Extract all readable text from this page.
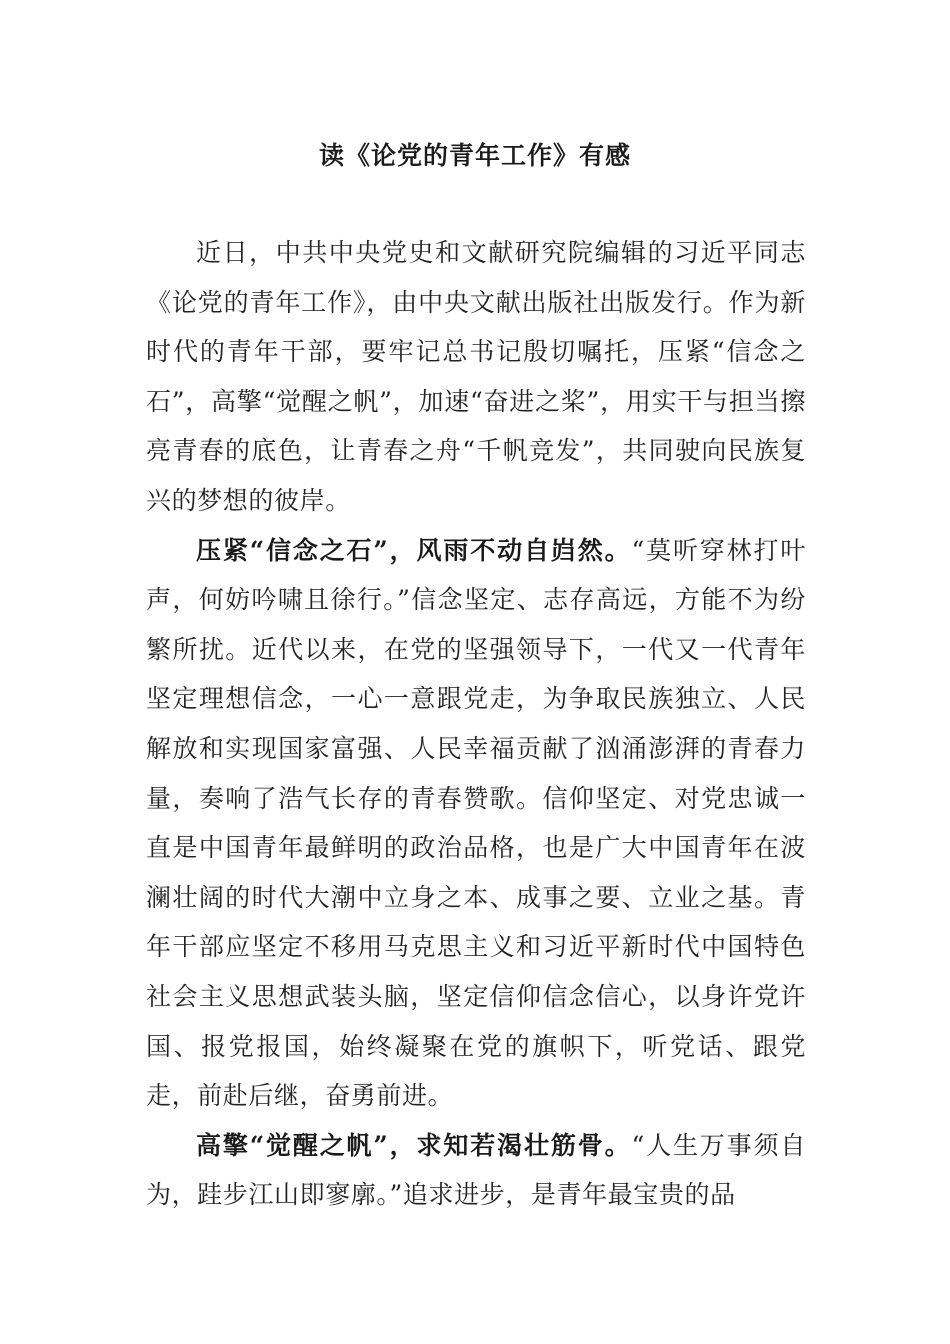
读《论党的青年工作》有感

近日，中共中央党史和文献研究院编辑的习近平同志《论党的青年工作》，由中央文献出版社出版发行。作为新时代的青年干部，要牢记总书记殷切嘱托，压紧“信念之石”，高擎“觉醒之帆”，加速“奋进之桨”，用实干与担当擦亮青春的底色，让青春之舟“千帆竞发”，共同驶向民族复兴的梦想的彼岸。

压紧“信念之石”，风雨不动自岿然。“莫听穿林打叶声，何妨吟啸且徐行。”信念坚定、志存高远，方能不为纷繁所扰。近代以来，在党的坚强领导下，一代又一代青年坚定理想信念，一心一意跟党走，为争取民族独立、人民解放和实现国家富强、人民幸福贡献了汹涌澎湃的青春力量，奏响了浩气长存的青春赞歌。信仰坚定、对党忠诚一直是中国青年最鲜明的政治品格，也是广大中国青年在波澜壮阔的时代大潮中立身之本、成事之要、立业之基。青年干部应坚定不移用马克思主义和习近平新时代中国特色社会主义思想武装头脑，坚定信仰信念信心，以身许党许国、报党报国，始终凝聚在党的旗帜下，听党话、跟党走，前赴后继，奋勇前进。

高擎“觉醒之帆”，求知若渴壮筋骨。“人生万事须自为，跬步江山即寥廓。”追求进步，是青年最宝贵的品
